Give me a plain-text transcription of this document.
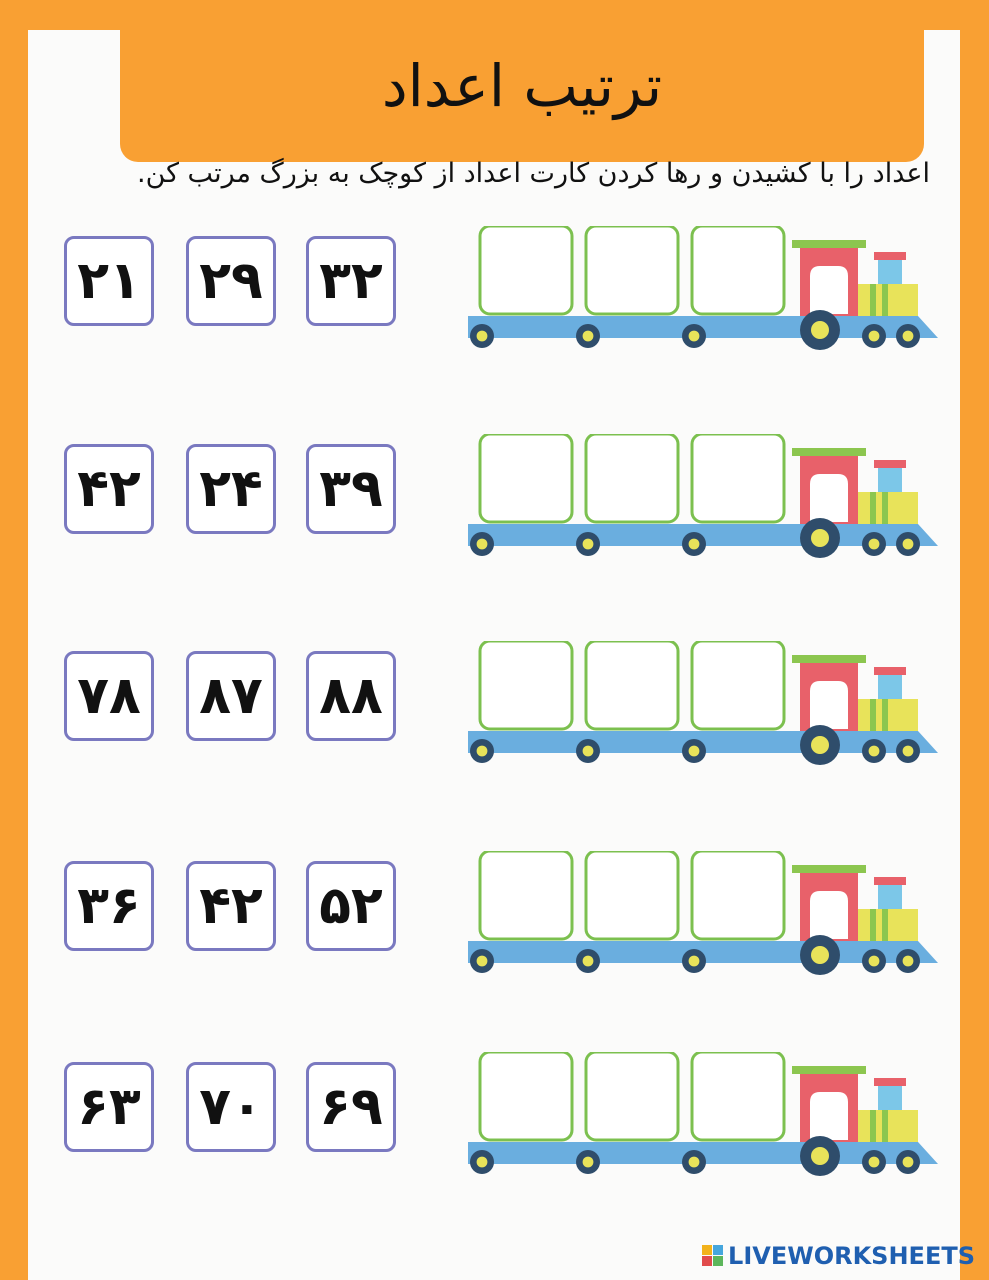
ترتیب اعداد
اعداد را با کشیدن و رها کردن کارت اعداد از کوچک به بزرگ مرتب کن.
۳۲
۲۹
۲۱
۳۹
۲۴
۴۲
۸۸
۸۷
۷۸
۵۲
۴۲
۳۶
۶۹
۷۰
۶۳
LIVEWORKSHEETS
